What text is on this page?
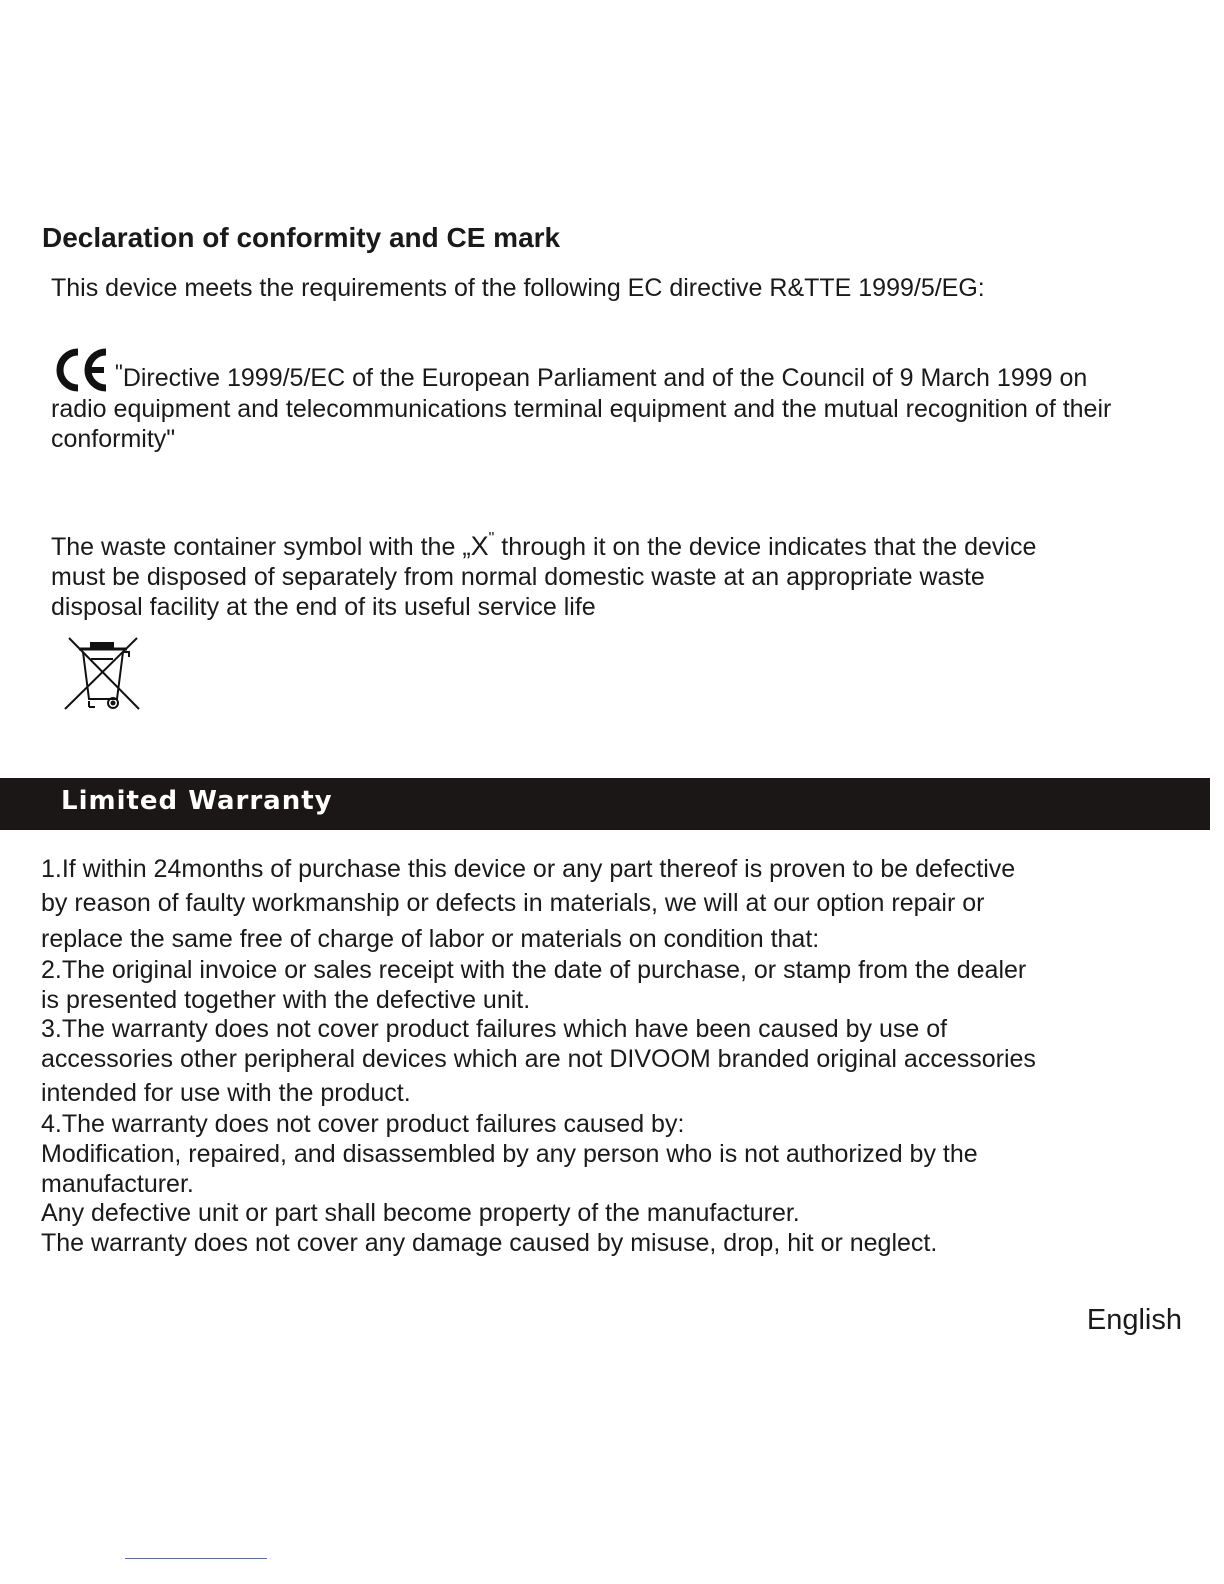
Declaration of conformity and CE mark
This device meets the requirements of the following EC directive R&TTE 1999/5/EG:
"Directive 1999/5/EC of the European Parliament and of the Council of 9 March 1999 on radio equipment and telecommunications terminal equipment and the mutual recognition of their conformity"
The waste container symbol with the „X" through it on the device indicates that the device
must be disposed of separately from normal domestic waste at an appropriate waste
disposal facility at the end of its useful service life
Limited Warranty
1.If within 24months of purchase this device or any part thereof is proven to be defective
by reason of faulty workmanship or defects in materials, we will at our option repair or
replace the same free of charge of labor or materials on condition that:
2.The original invoice or sales receipt with the date of purchase, or stamp from the dealer
is presented together with the defective unit.
3.The warranty does not cover product failures which have been caused by use of
accessories other peripheral devices which are not DIVOOM branded original accessories
intended for use with the product.
4.The warranty does not cover product failures caused by:
Modification, repaired, and disassembled by any person who is not authorized by the
manufacturer.
Any defective unit or part shall become property of the manufacturer.
The warranty does not cover any damage caused by misuse, drop, hit or neglect.
English
